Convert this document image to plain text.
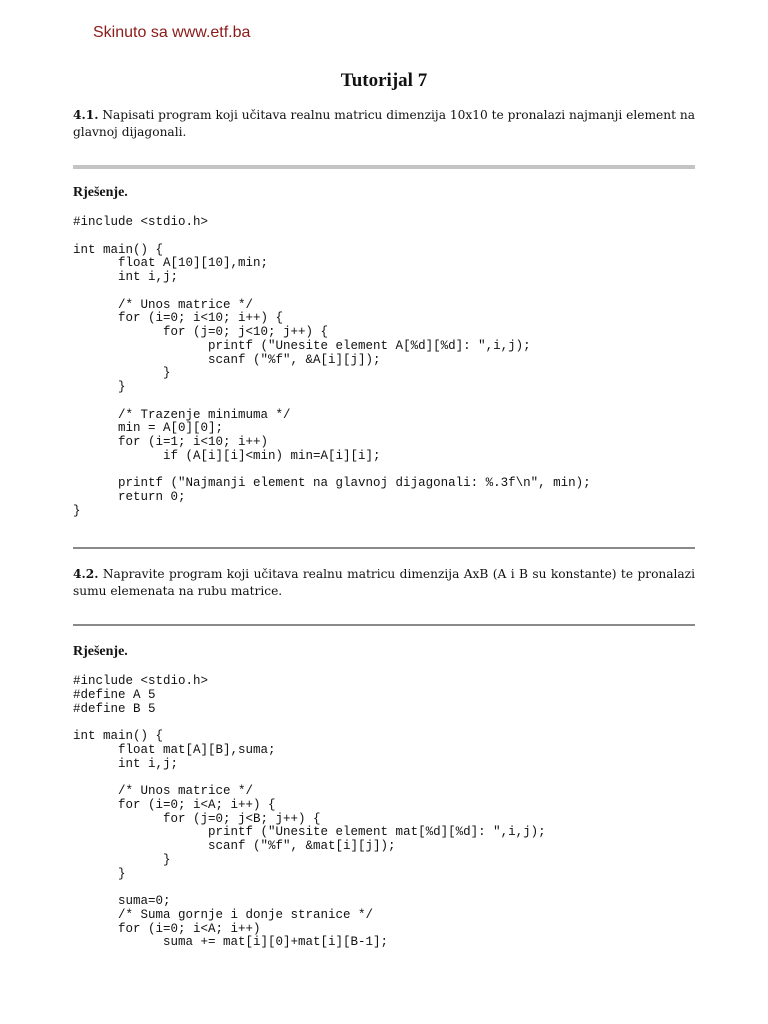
Skinuto sa www.etf.ba
Tutorijal 7
4.1. Napisati program koji učitava realnu matricu dimenzija 10x10 te pronalazi najmanji element na glavnoj dijagonali.
Rješenje.
#include <stdio.h>

int main() {
	float A[10][10],min;
	int i,j;

	/* Unos matrice */
	for (i=0; i<10; i++) {
		for (j=0; j<10; j++) {
			printf ("Unesite element A[%d][%d]: ",i,j);
			scanf ("%f", &A[i][j]);
		}
	}

	/* Trazenje minimuma */
	min = A[0][0];
	for (i=1; i<10; i++)
		if (A[i][i]<min) min=A[i][i];

	printf ("Najmanji element na glavnoj dijagonali: %.3f\n", min);
	return 0;
}
4.2. Napravite program koji učitava realnu matricu dimenzija AxB (A i B su konstante) te pronalazi sumu elemenata na rubu matrice.
Rješenje.
#include <stdio.h>
#define A 5
#define B 5

int main() {
	float mat[A][B],suma;
	int i,j;

	/* Unos matrice */
	for (i=0; i<A; i++) {
		for (j=0; j<B; j++) {
			printf ("Unesite element mat[%d][%d]: ",i,j);
			scanf ("%f", &mat[i][j]);
		}
	}

	suma=0;
	/* Suma gornje i donje stranice */
	for (i=0; i<A; i++)
		suma += mat[i][0]+mat[i][B-1];
